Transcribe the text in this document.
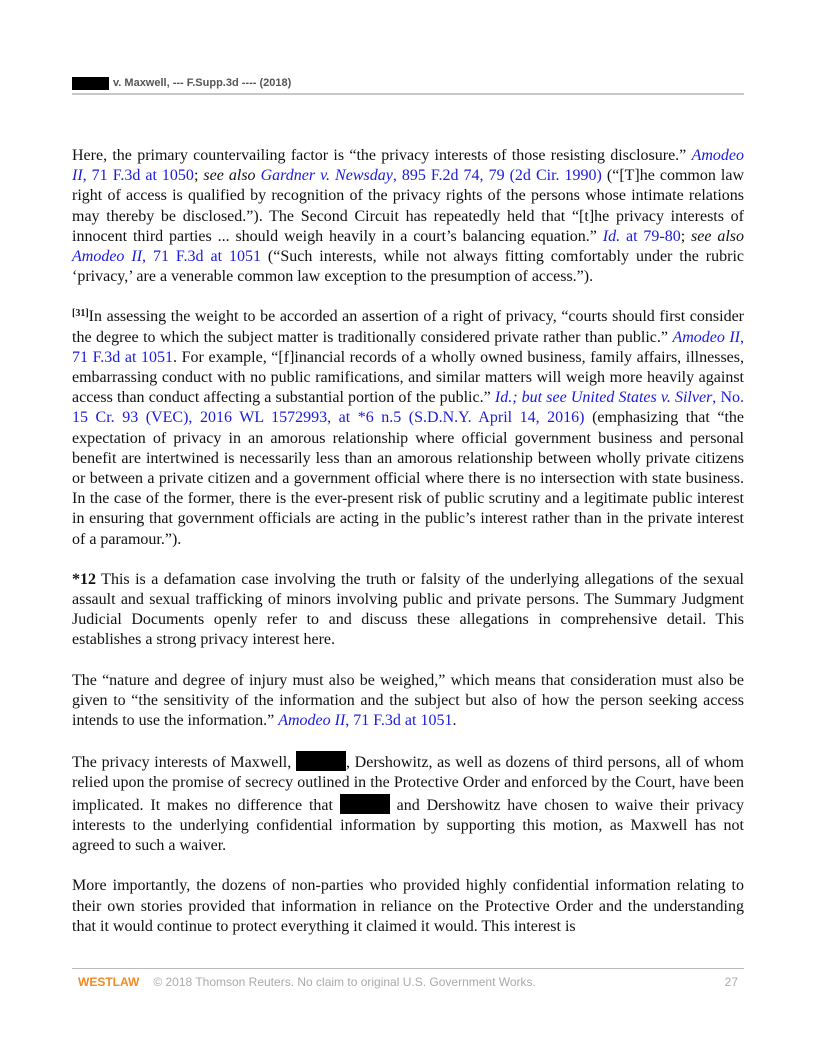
v. Maxwell, --- F.Supp.3d ---- (2018)

Here, the primary countervailing factor is “the privacy interests of those resisting disclosure.” Amodeo II, 71 F.3d at 1050; see also Gardner v. Newsday, 895 F.2d 74, 79 (2d Cir. 1990) (“[T]he common law right of access is qualified by recognition of the privacy rights of the persons whose intimate relations may thereby be disclosed.”). The Second Circuit has repeatedly held that “[t]he privacy interests of innocent third parties ... should weigh heavily in a court’s balancing equation.” Id. at 79-80; see also Amodeo II, 71 F.3d at 1051 (“Such interests, while not always fitting comfortably under the rubric ‘privacy,’ are a venerable common law exception to the presumption of access.”).

[31]In assessing the weight to be accorded an assertion of a right of privacy, “courts should first consider the degree to which the subject matter is traditionally considered private rather than public.” Amodeo II, 71 F.3d at 1051. For example, “[f]inancial records of a wholly owned business, family affairs, illnesses, embarrassing conduct with no public ramifications, and similar matters will weigh more heavily against access than conduct affecting a substantial portion of the public.” Id.; but see United States v. Silver, No. 15 Cr. 93 (VEC), 2016 WL 1572993, at *6 n.5 (S.D.N.Y. April 14, 2016) (emphasizing that “the expectation of privacy in an amorous relationship where official government business and personal benefit are intertwined is necessarily less than an amorous relationship between wholly private citizens or between a private citizen and a government official where there is no intersection with state business. In the case of the former, there is the ever-present risk of public scrutiny and a legitimate public interest in ensuring that government officials are acting in the public’s interest rather than in the private interest of a paramour.”).

*12 This is a defamation case involving the truth or falsity of the underlying allegations of the sexual assault and sexual trafficking of minors involving public and private persons. The Summary Judgment Judicial Documents openly refer to and discuss these allegations in comprehensive detail. This establishes a strong privacy interest here.

The “nature and degree of injury must also be weighed,” which means that consideration must also be given to “the sensitivity of the information and the subject but also of how the person seeking access intends to use the information.” Amodeo II, 71 F.3d at 1051.

The privacy interests of Maxwell,	, Dershowitz, as well as dozens of third persons, all of whom relied upon the promise of secrecy outlined in the Protective Order and enforced by the Court, have been implicated. It makes no difference that	and Dershowitz have chosen to waive their privacy interests to the underlying confidential information by supporting this motion, as Maxwell has not agreed to such a waiver.

More importantly, the dozens of non-parties who provided highly confidential information relating to their own stories provided that information in reliance on the Protective Order and the understanding that it would continue to protect everything it claimed it would. This interest is

WESTLAW © 2018 Thomson Reuters. No claim to original U.S. Government Works.	27
